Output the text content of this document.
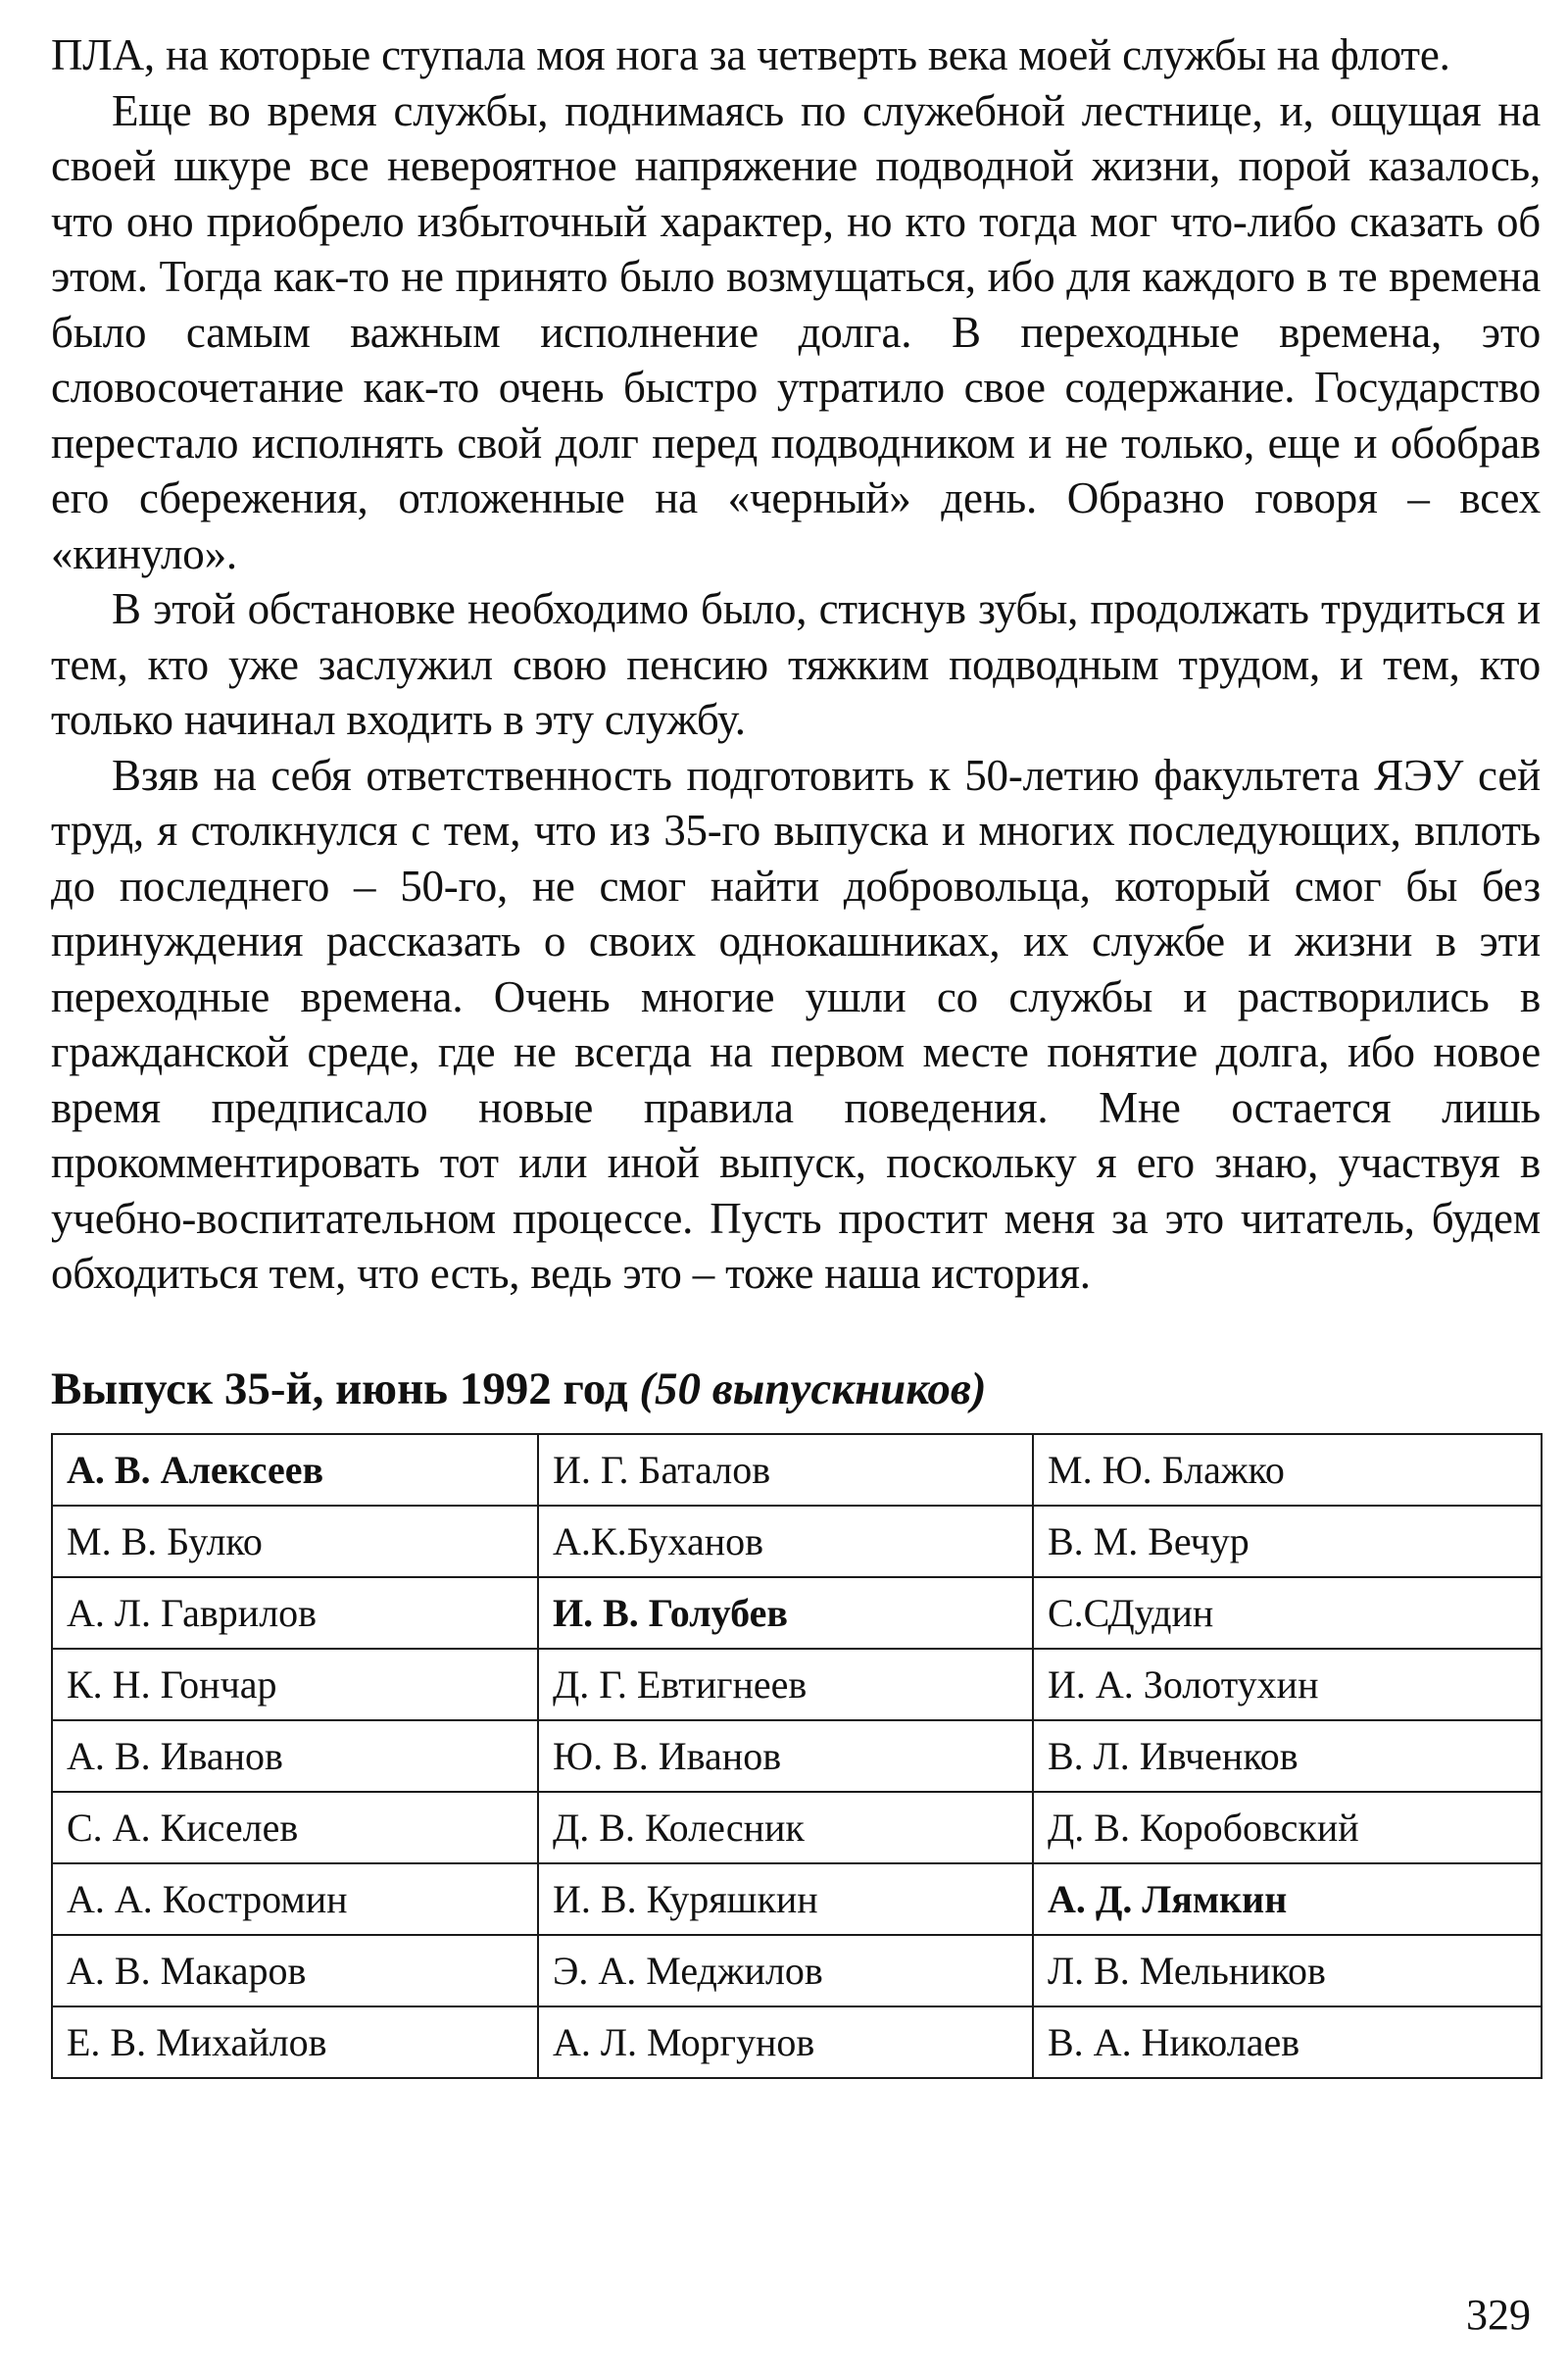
ПЛА, на которые ступала моя нога за четверть века моей службы на флоте.

Еще во время службы, поднимаясь по служебной лестнице, и, ощущая на своей шкуре все невероятное напряжение подводной жизни, порой казалось, что оно приобрело избыточный характер, но кто тогда мог что-либо сказать об этом. Тогда как-то не принято было возмущаться, ибо для каждого в те времена было самым важным исполнение долга. В переходные времена, это словосочетание как-то очень быстро утратило свое содержание. Государство перестало исполнять свой долг перед подводником и не только, еще и обобрав его сбережения, отложенные на «черный» день. Образно говоря – всех «кинуло».

В этой обстановке необходимо было, стиснув зубы, продолжать трудиться и тем, кто уже заслужил свою пенсию тяжким подводным трудом, и тем, кто только начинал входить в эту службу.

Взяв на себя ответственность подготовить к 50-летию факультета ЯЭУ сей труд, я столкнулся с тем, что из 35-го выпуска и многих последующих, вплоть до последнего – 50-го, не смог найти добровольца, который смог бы без принуждения рассказать о своих однокашниках, их службе и жизни в эти переходные времена. Очень многие ушли со службы и растворились в гражданской среде, где не всегда на первом месте понятие долга, ибо новое время предписало новые правила поведения. Мне остается лишь прокомментировать тот или иной выпуск, поскольку я его знаю, участвуя в учебно-воспитательном процессе. Пусть простит меня за это читатель, будем обходиться тем, что есть, ведь это – тоже наша история.

Выпуск 35-й, июнь 1992 год (50 выпускников)
А. В. Алексеев	И. Г. Баталов	М. Ю. Блажко
М. В. Булко	А.К.Буханов	В. М. Вечур
А. Л. Гаврилов	И. В. Голубев	С.СДудин
К. Н. Гончар	Д. Г. Евтигнеев	И. А. Золотухин
А. В. Иванов	Ю. В. Иванов	В. Л. Ивченков
С. А. Киселев	Д. В. Колесник	Д. В. Коробовский
А. А. Костромин	И. В. Куряшкин	А. Д. Лямкин
А. В. Макаров	Э. А. Меджилов	Л. В. Мельников
Е. В. Михайлов	А. Л. Моргунов	В. А. Николаев
329
